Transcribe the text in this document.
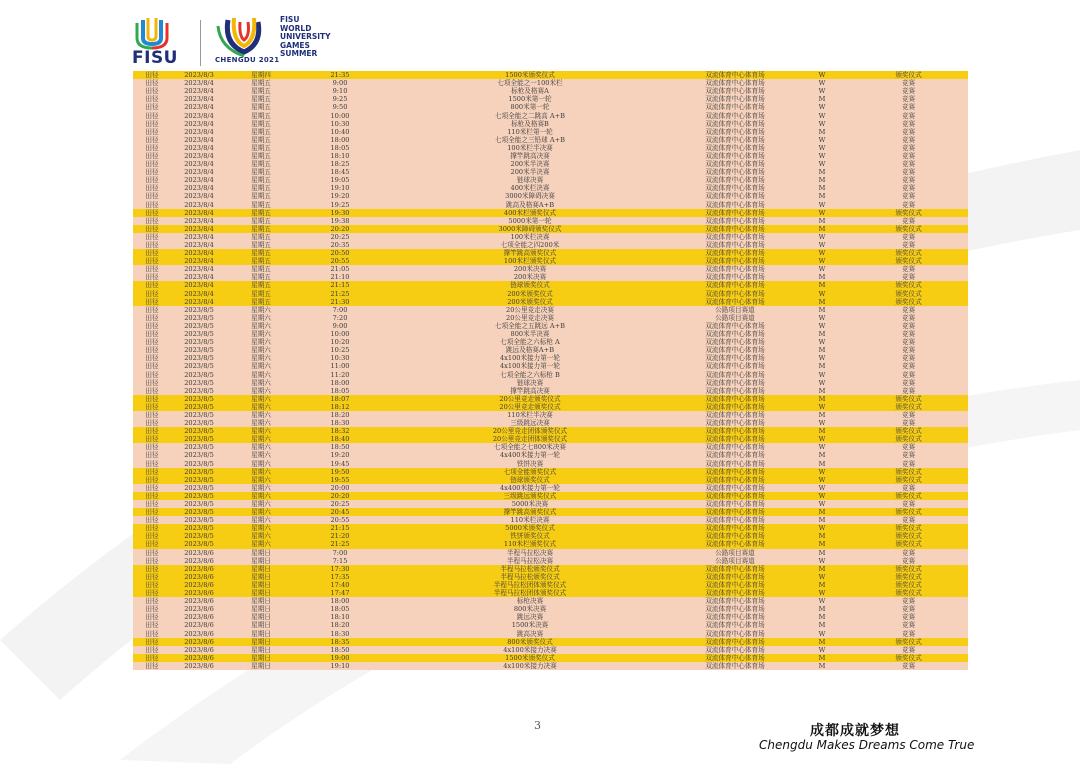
FISU	CHENGDU 2021
FISU
WORLD
UNIVERSITY
GAMES
SUMMER
田径	2023/8/3	星期四	21:35	1500米颁奖仪式	双流体育中心体育场	W	颁奖仪式
田径	2023/8/4	星期五	9:00	七项全能之一100米栏	双流体育中心体育场	W	竞赛
田径	2023/8/4	星期五	9:10	标枪及格赛A	双流体育中心体育场	W	竞赛
田径	2023/8/4	星期五	9:25	1500米第一轮	双流体育中心体育场	M	竞赛
田径	2023/8/4	星期五	9:50	800米第一轮	双流体育中心体育场	W	竞赛
田径	2023/8/4	星期五	10:00	七项全能之二跳高 A+B	双流体育中心体育场	W	竞赛
田径	2023/8/4	星期五	10:30	标枪及格赛B	双流体育中心体育场	W	竞赛
田径	2023/8/4	星期五	10:40	110米栏第一轮	双流体育中心体育场	M	竞赛
田径	2023/8/4	星期五	18:00	七项全能之三铅球 A+B	双流体育中心体育场	W	竞赛
田径	2023/8/4	星期五	18:05	100米栏半决赛	双流体育中心体育场	W	竞赛
田径	2023/8/4	星期五	18:10	撑竿跳高决赛	双流体育中心体育场	W	竞赛
田径	2023/8/4	星期五	18:25	200米半决赛	双流体育中心体育场	W	竞赛
田径	2023/8/4	星期五	18:45	200米半决赛	双流体育中心体育场	M	竞赛
田径	2023/8/4	星期五	19:05	链球决赛	双流体育中心体育场	M	竞赛
田径	2023/8/4	星期五	19:10	400米栏决赛	双流体育中心体育场	M	竞赛
田径	2023/8/4	星期五	19:20	3000米障碍决赛	双流体育中心体育场	M	竞赛
田径	2023/8/4	星期五	19:25	跳高及格赛A+B	双流体育中心体育场	W	竞赛
田径	2023/8/4	星期五	19:30	400米栏颁奖仪式	双流体育中心体育场	W	颁奖仪式
田径	2023/8/4	星期五	19:38	5000米第一轮	双流体育中心体育场	M	竞赛
田径	2023/8/4	星期五	20:20	3000米障碍颁奖仪式	双流体育中心体育场	M	颁奖仪式
田径	2023/8/4	星期五	20:25	100米栏决赛	双流体育中心体育场	W	竞赛
田径	2023/8/4	星期五	20:35	七项全能之四200米	双流体育中心体育场	W	竞赛
田径	2023/8/4	星期五	20:50	撑竿跳高颁奖仪式	双流体育中心体育场	W	颁奖仪式
田径	2023/8/4	星期五	20:55	100米栏颁奖仪式	双流体育中心体育场	W	颁奖仪式
田径	2023/8/4	星期五	21:05	200米决赛	双流体育中心体育场	W	竞赛
田径	2023/8/4	星期五	21:10	200米决赛	双流体育中心体育场	M	竞赛
田径	2023/8/4	星期五	21:15	链球颁奖仪式	双流体育中心体育场	M	颁奖仪式
田径	2023/8/4	星期五	21:25	200米颁奖仪式	双流体育中心体育场	W	颁奖仪式
田径	2023/8/4	星期五	21:30	200米颁奖仪式	双流体育中心体育场	M	颁奖仪式
田径	2023/8/5	星期六	7:00	20公里竞走决赛	公路项目赛道	M	竞赛
田径	2023/8/5	星期六	7:20	20公里竞走决赛	公路项目赛道	W	竞赛
田径	2023/8/5	星期六	9:00	七项全能之五跳远 A+B	双流体育中心体育场	W	竞赛
田径	2023/8/5	星期六	10:00	800米半决赛	双流体育中心体育场	M	竞赛
田径	2023/8/5	星期六	10:20	七项全能之六标枪 A	双流体育中心体育场	W	竞赛
田径	2023/8/5	星期六	10:25	跳远及格赛A+B	双流体育中心体育场	M	竞赛
田径	2023/8/5	星期六	10:30	4x100米接力第一轮	双流体育中心体育场	W	竞赛
田径	2023/8/5	星期六	11:00	4x100米接力第一轮	双流体育中心体育场	M	竞赛
田径	2023/8/5	星期六	11:20	七项全能之六标枪 B	双流体育中心体育场	W	竞赛
田径	2023/8/5	星期六	18:00	链球决赛	双流体育中心体育场	W	竞赛
田径	2023/8/5	星期六	18:05	撑竿跳高决赛	双流体育中心体育场	M	竞赛
田径	2023/8/5	星期六	18:07	20公里竞走颁奖仪式	双流体育中心体育场	M	颁奖仪式
田径	2023/8/5	星期六	18:12	20公里竞走颁奖仪式	双流体育中心体育场	W	颁奖仪式
田径	2023/8/5	星期六	18:20	110米栏半决赛	双流体育中心体育场	M	竞赛
田径	2023/8/5	星期六	18:30	三级跳远决赛	双流体育中心体育场	W	竞赛
田径	2023/8/5	星期六	18:32	20公里竞走团体颁奖仪式	双流体育中心体育场	M	颁奖仪式
田径	2023/8/5	星期六	18:40	20公里竞走团体颁奖仪式	双流体育中心体育场	W	颁奖仪式
田径	2023/8/5	星期六	18:50	七项全能之七800米决赛	双流体育中心体育场	W	竞赛
田径	2023/8/5	星期六	19:20	4x400米接力第一轮	双流体育中心体育场	M	竞赛
田径	2023/8/5	星期六	19:45	铁饼决赛	双流体育中心体育场	M	竞赛
田径	2023/8/5	星期六	19:50	七项全能颁奖仪式	双流体育中心体育场	W	颁奖仪式
田径	2023/8/5	星期六	19:55	链球颁奖仪式	双流体育中心体育场	W	颁奖仪式
田径	2023/8/5	星期六	20:00	4x400米接力第一轮	双流体育中心体育场	W	竞赛
田径	2023/8/5	星期六	20:20	三级跳远颁奖仪式	双流体育中心体育场	W	颁奖仪式
田径	2023/8/5	星期六	20:25	5000米决赛	双流体育中心体育场	W	竞赛
田径	2023/8/5	星期六	20:45	撑竿跳高颁奖仪式	双流体育中心体育场	M	颁奖仪式
田径	2023/8/5	星期六	20:55	110米栏决赛	双流体育中心体育场	M	竞赛
田径	2023/8/5	星期六	21:15	5000米颁奖仪式	双流体育中心体育场	W	颁奖仪式
田径	2023/8/5	星期六	21:20	铁饼颁奖仪式	双流体育中心体育场	M	颁奖仪式
田径	2023/8/5	星期六	21:25	110米栏颁奖仪式	双流体育中心体育场	M	颁奖仪式
田径	2023/8/6	星期日	7:00	半程马拉松决赛	公路项目赛道	M	竞赛
田径	2023/8/6	星期日	7:15	半程马拉松决赛	公路项目赛道	W	竞赛
田径	2023/8/6	星期日	17:30	半程马拉松颁奖仪式	双流体育中心体育场	M	颁奖仪式
田径	2023/8/6	星期日	17:35	半程马拉松颁奖仪式	双流体育中心体育场	W	颁奖仪式
田径	2023/8/6	星期日	17:40	半程马拉松团体颁奖仪式	双流体育中心体育场	M	颁奖仪式
田径	2023/8/6	星期日	17:47	半程马拉松团体颁奖仪式	双流体育中心体育场	W	颁奖仪式
田径	2023/8/6	星期日	18:00	标枪决赛	双流体育中心体育场	W	竞赛
田径	2023/8/6	星期日	18:05	800米决赛	双流体育中心体育场	M	竞赛
田径	2023/8/6	星期日	18:10	跳远决赛	双流体育中心体育场	M	竞赛
田径	2023/8/6	星期日	18:20	1500米决赛	双流体育中心体育场	M	竞赛
田径	2023/8/6	星期日	18:30	跳高决赛	双流体育中心体育场	W	竞赛
田径	2023/8/6	星期日	18:35	800米颁奖仪式	双流体育中心体育场	M	颁奖仪式
田径	2023/8/6	星期日	18:50	4x100米接力决赛	双流体育中心体育场	W	竞赛
田径	2023/8/6	星期日	19:00	1500米颁奖仪式	双流体育中心体育场	M	颁奖仪式
田径	2023/8/6	星期日	19:10	4x100米接力决赛	双流体育中心体育场	M	竞赛
3	成都成就梦想
Chengdu Makes Dreams Come True
